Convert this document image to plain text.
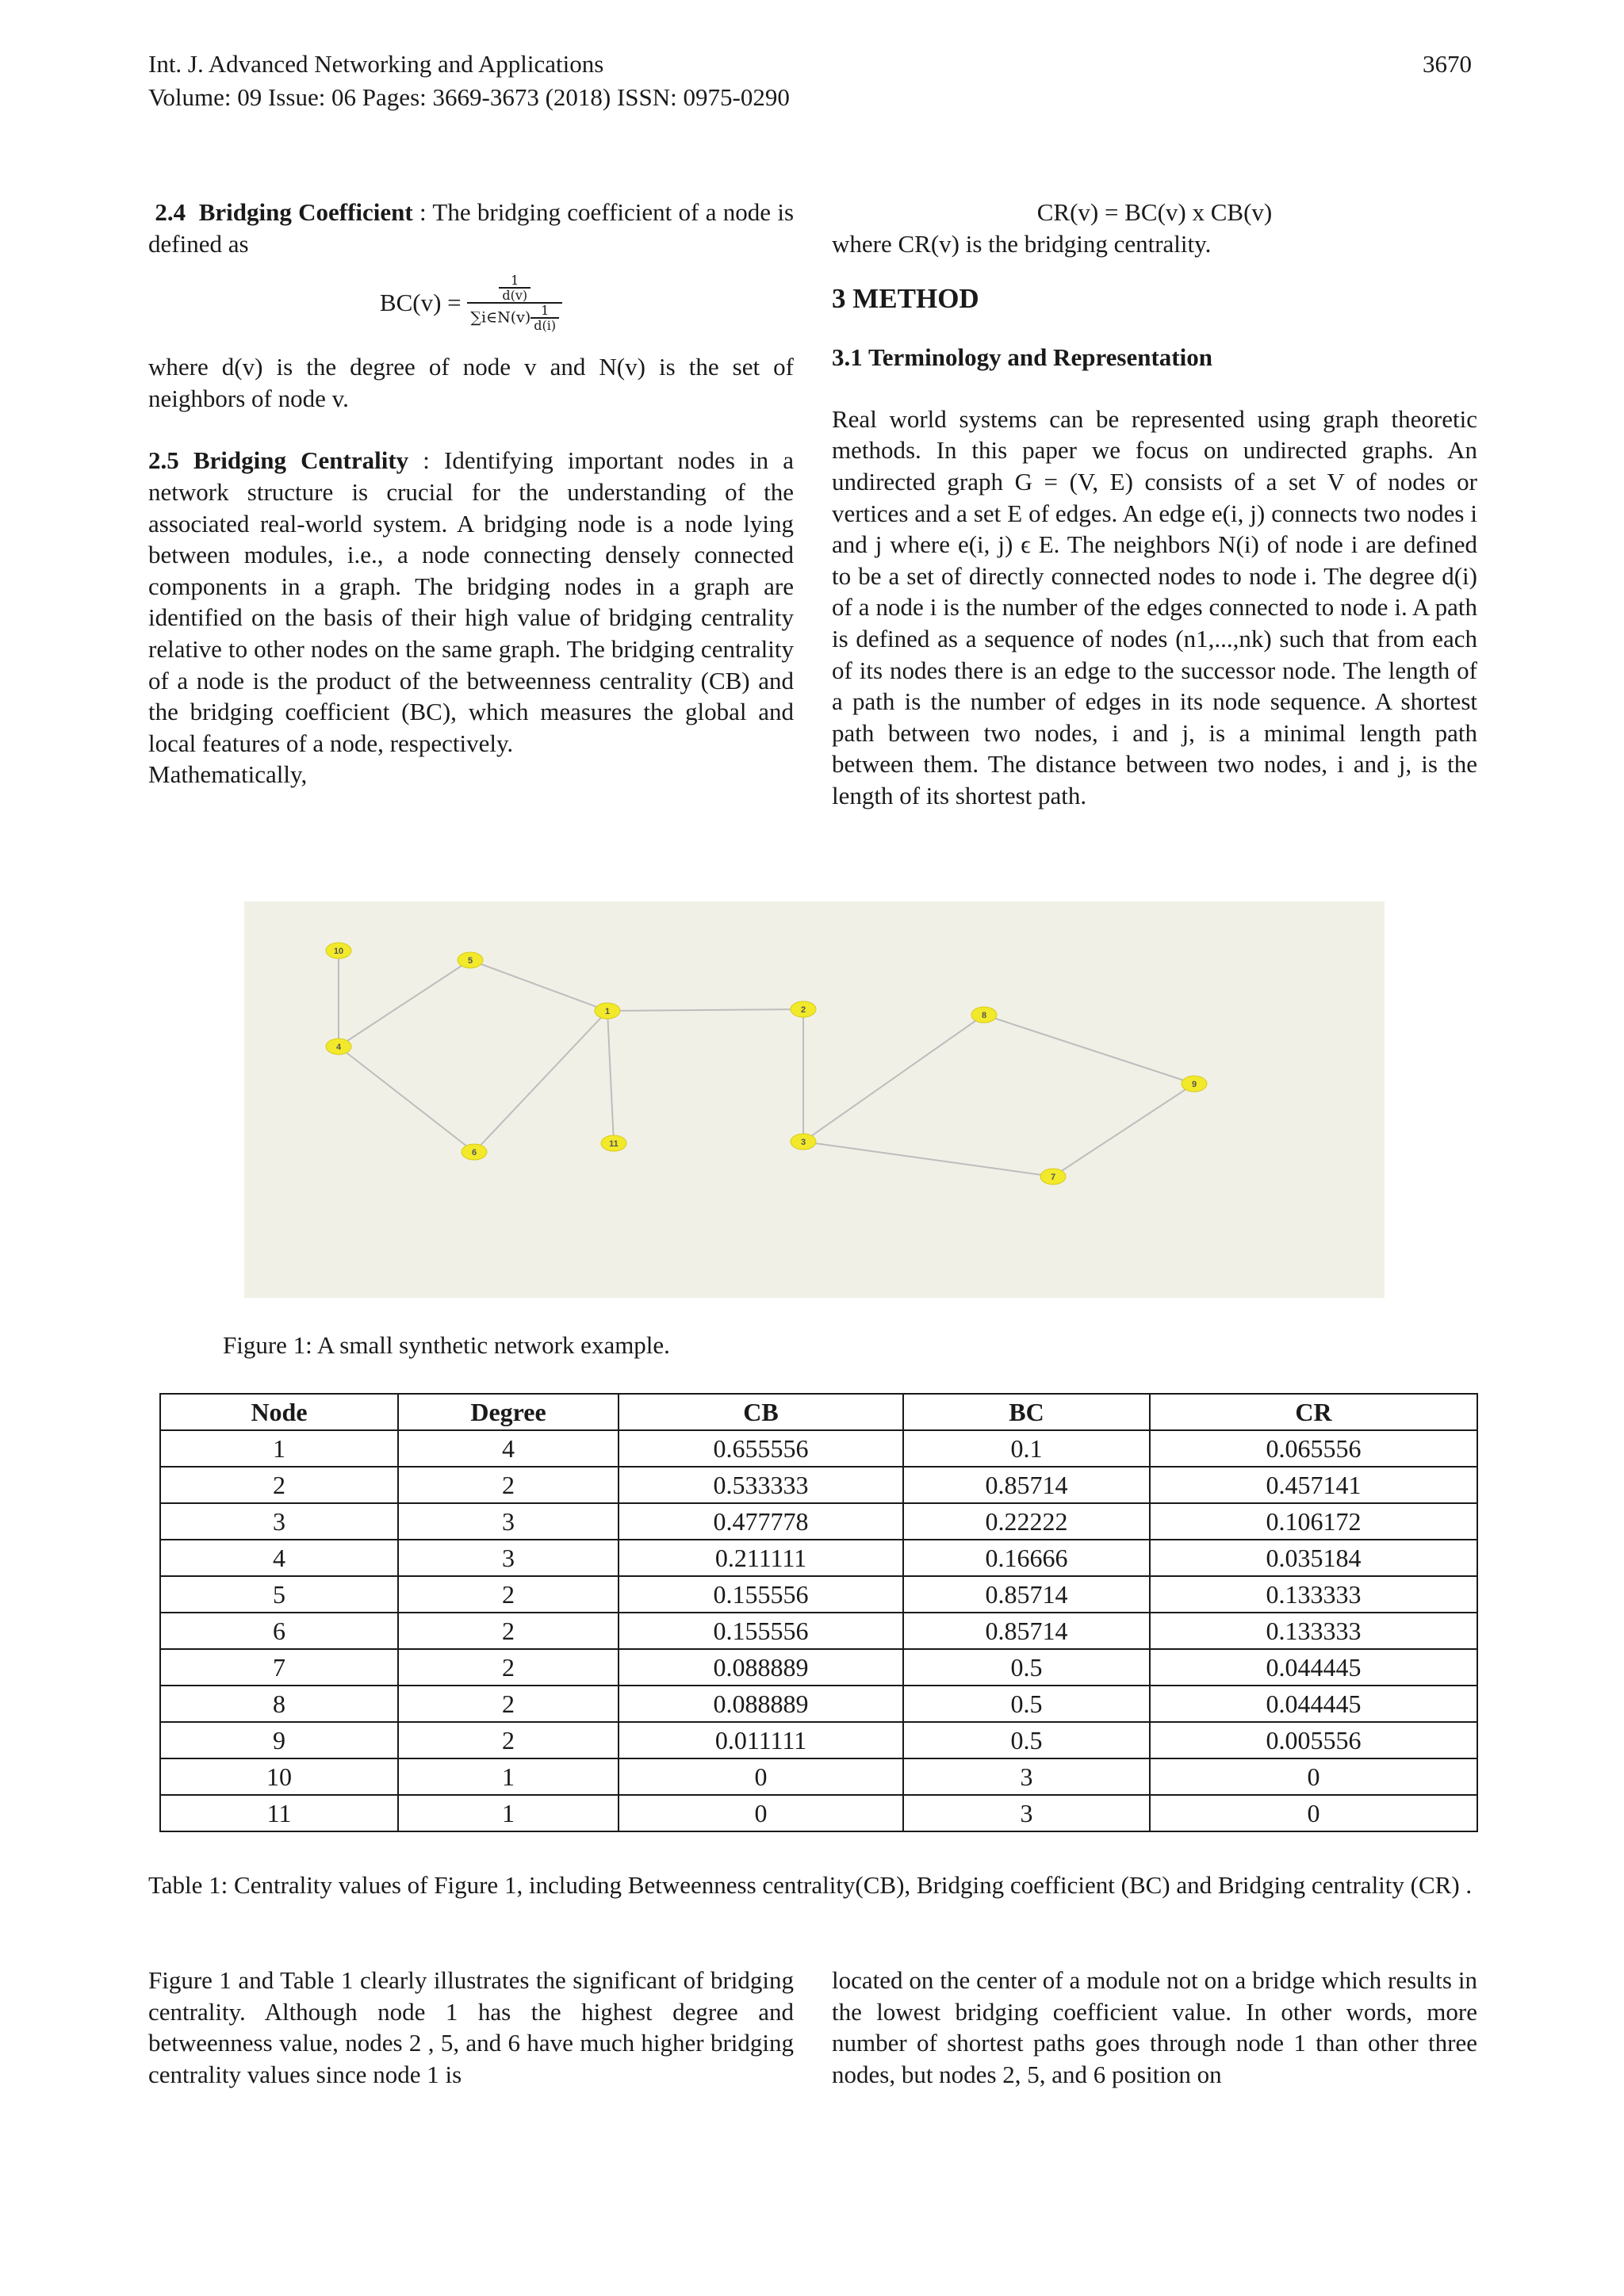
Int. J. Advanced Networking and Applications
Volume: 09 Issue: 06 Pages: 3669-3673 (2018) ISSN: 0975-0290
3670

2.4 Bridging Coefficient : The bridging coefficient of a node is defined as

$BC(v) = \frac{\frac{1}{d(v)}}{\sum i\in N(v) \frac{1}{d(i)}}$

where d(v) is the degree of node v and N(v) is the set of neighbors of node v.

2.5 Bridging Centrality : Identifying important nodes in a network structure is crucial for the understanding of the associated real-world system. A bridging node is a node lying between modules, i.e., a node connecting densely connected components in a graph. The bridging nodes in a graph are identified on the basis of their high value of bridging centrality relative to other nodes on the same graph. The bridging centrality of a node is the product of the betweenness centrality (CB) and the bridging coefficient (BC), which measures the global and local features of a node, respectively.

Mathematically,

CR(v) = BC(v) x CB(v)

where CR(v) is the bridging centrality.

3 METHOD

3.1 Terminology and Representation

Real world systems can be represented using graph theoretic methods. In this paper we focus on undirected graphs. An undirected graph G = (V, E) consists of a set V of nodes or vertices and a set E of edges. An edge e(i, j) connects two nodes i and j where e(i, j) ϵ E. The neighbors N(i) of node i are defined to be a set of directly connected nodes to node i. The degree d(i) of a node i is the number of the edges connected to node i. A path is defined as a sequence of nodes (n1,...,nk) such that from each of its nodes there is an edge to the successor node. The length of a path is the number of edges in its node sequence. A shortest path between two nodes, i and j, is a minimal length path between them. The distance between two nodes, i and j, is the length of its shortest path.

10
5
1	2
8
4
9
11	3
6
7
Figure 1: A small synthetic network example.
Node	Degree	CB	BC	CR
1	4	0.655556	0.1	0.065556
2	2	0.533333	0.85714	0.457141
3	3	0.477778	0.22222	0.106172
4	3	0.211111	0.16666	0.035184
5	2	0.155556	0.85714	0.133333
6	2	0.155556	0.85714	0.133333
7	2	0.088889	0.5	0.044445
8	2	0.088889	0.5	0.044445
9	2	0.011111	0.5	0.005556
10	1	0	3	0
11	1	0	3	0
Table 1: Centrality values of Figure 1, including Betweenness centrality(CB), Bridging coefficient (BC) and Bridging centrality (CR) .
Figure 1 and Table 1 clearly illustrates the significant of bridging centrality. Although node 1 has the highest degree and betweenness value, nodes 2 , 5, and 6 have much higher bridging centrality values since node 1 is
located on the center of a module not on a bridge which results in the lowest bridging coefficient value. In other words, more number of shortest paths goes through node 1 than other three nodes, but nodes 2, 5, and 6 position on
